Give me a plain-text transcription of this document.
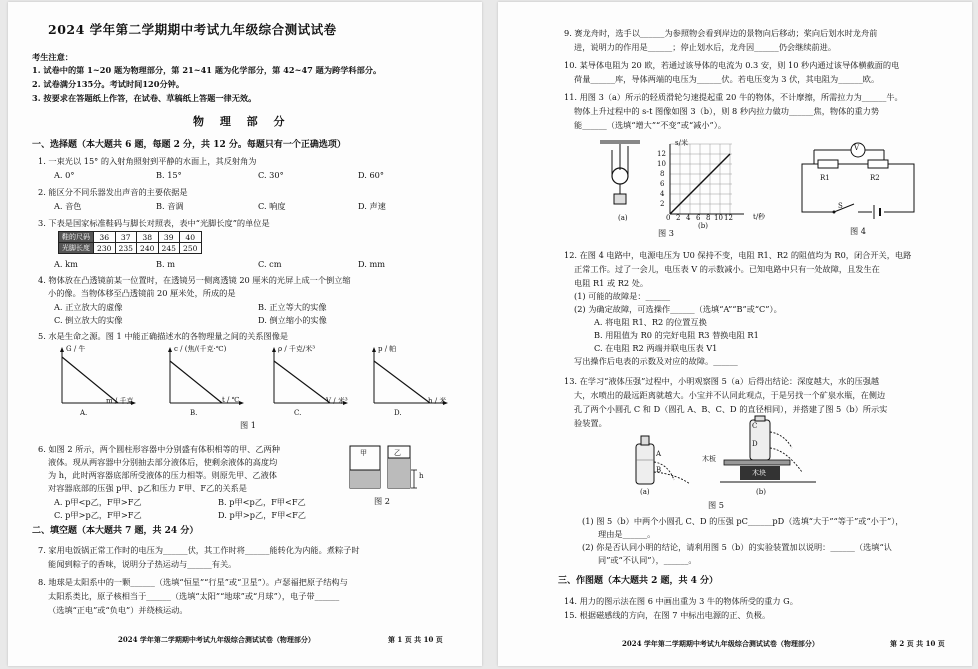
2024 学年第二学期期中考试九年级综合测试试卷
考生注意：
1. 试卷中的第 1~20 题为物理部分，第 21~41 题为化学部分，第 42~47 题为跨学科部分。
2. 试卷满分135分。考试时间120分钟。
3. 按要求在答题纸上作答，在试卷、草稿纸上答题一律无效。
物 理 部 分
一、选择题（本大题共 6 题，每题 2 分，共 12 分。每题只有一个正确选项）
1. 一束光以 15° 的入射角照射到平静的水面上，其反射角为
A. 0°	B. 15°	C. 30°	D. 60°
2. 能区分不同乐器发出声音的主要依据是
A. 音色	B. 音调	C. 响度	D. 声速
3. 下表是国家标准鞋码与脚长对照表，表中“光脚长度”的单位是
鞋的尺码	36	37	38	39	40
光脚长度	230	235	240	245	250
A. km	B. m	C. cm	D. mm
4. 物体放在凸透镜前某一位置时，在透镜另一侧离透镜 20 厘米的光屏上成一个倒立缩
小的像。当物体移至凸透镜前 20 厘米处，所成的是
A. 正立放大的虚像	B. 正立等大的实像
C. 倒立放大的实像	D. 倒立缩小的实像
5. 水是生命之源。图 1 中能正确描述水的各物理量之间的关系图像是
G / 牛
m / 千克
A.
c / (焦/(千克·℃)
t / ℃
B.
ρ / 千克/米³
V / 米³
C.
p / 帕
h / 米
D.
图 1
6. 如图 2 所示，两个圆柱形容器中分别盛有体积相等的甲、乙两种
液体。现从两容器中分别抽去部分液体后，使剩余液体的高度均
为 h，此时两容器底部所受液体的压力相等。则原先甲、乙液体
对容器底部的压强 p甲、p乙和压力 F甲、F乙的关系是
A. p甲<p乙，F甲>F乙	B. p甲<p乙，F甲<F乙
C. p甲>p乙，F甲>F乙	D. p甲>p乙，F甲<F乙
甲	乙
h
图 2
二、填空题（本大题共 7 题，共 24 分）
7. 家用电饭锅正常工作时的电压为______伏，其工作时将______能转化为内能。煮粽子时
能闻到粽子的香味，说明分子热运动与______有关。
8. 地球是太阳系中的一颗______（选填“恒星”“行星”或“卫星”）。卢瑟福把原子结构与
太阳系类比，原子核相当于______（选填“太阳”“地球”或“月球”），电子带______
（选填“正电”或“负电”）并绕核运动。
2024 学年第二学期期中考试九年级综合测试试卷（物理部分）	第 1 页 共 10 页
9. 赛龙舟时，选手以______为参照物会看到岸边的景物向后移动；桨向后划水时龙舟前
进，说明力的作用是______；停止划水后，龙舟因______仍会继续前进。
10. 某导体电阻为 20 欧，若通过该导体的电流为 0.3 安，则 10 秒内通过该导体横截面的电
荷量______库，导体两端的电压为______伏。若电压变为 3 伏，其电阻为______欧。
11. 用图 3（a）所示的轻质滑轮匀速提起重 20 牛的物体，不计摩擦，所需拉力为______牛。
物体上升过程中的 s-t 图像如图 3（b），则 8 秒内拉力做功______焦，物体的重力势
能______（选填“增大”“不变”或“减小”）。
(a)
s/米
t/秒
12
10
8
6
4
2
0 2 4 6 8 10 12
(b)
图 3
V
R1	R2
S
图 4
12. 在图 4 电路中，电源电压为 U0 保持不变，电阻 R1、R2 的阻值均为 R0，闭合开关，电路
正常工作。过了一会儿，电压表 V 的示数减小。已知电路中只有一处故障，且发生在
电阻 R1 或 R2 处。
(1) 可能的故障是：______
(2) 为确定故障，可选操作______（选填“A”“B”或“C”）。
A. 将电阻 R1、R2 的位置互换
B. 用阻值为 R0 的完好电阻 R3 替换电阻 R1
C. 在电阻 R2 两端并联电压表 V1
写出操作后电表的示数及对应的故障。______
13. 在学习“液体压强”过程中，小明观察图 5（a）后得出结论：深度越大，水的压强越
大，水喷出的最远距离就越大。小宝并不认同此观点，于是另找一个矿泉水瓶，在侧边
孔了两个小圆孔 C 和 D（圆孔 A、B、C、D 的直径相同），并搭建了图 5（b）所示实
验装置。
A
B
(a)
C
D
木板
木块
(b)
图 5
(1) 图 5（b）中两个小圆孔 C、D 的压强 pC______pD（选填“大于”“等于”或“小于”），
理由是______。
(2) 你是否认同小明的结论，请利用图 5（b）的实验装置加以说明：______（选填“认
同”或“不认同”），______。
三、作图题（本大题共 2 题，共 4 分）
14. 用力的图示法在图 6 中画出重为 3 牛的物体所受的重力 G。
15. 根据磁感线的方向，在图 7 中标出电源的正、负极。
2024 学年第二学期期中考试九年级综合测试试卷（物理部分）	第 2 页 共 10 页
